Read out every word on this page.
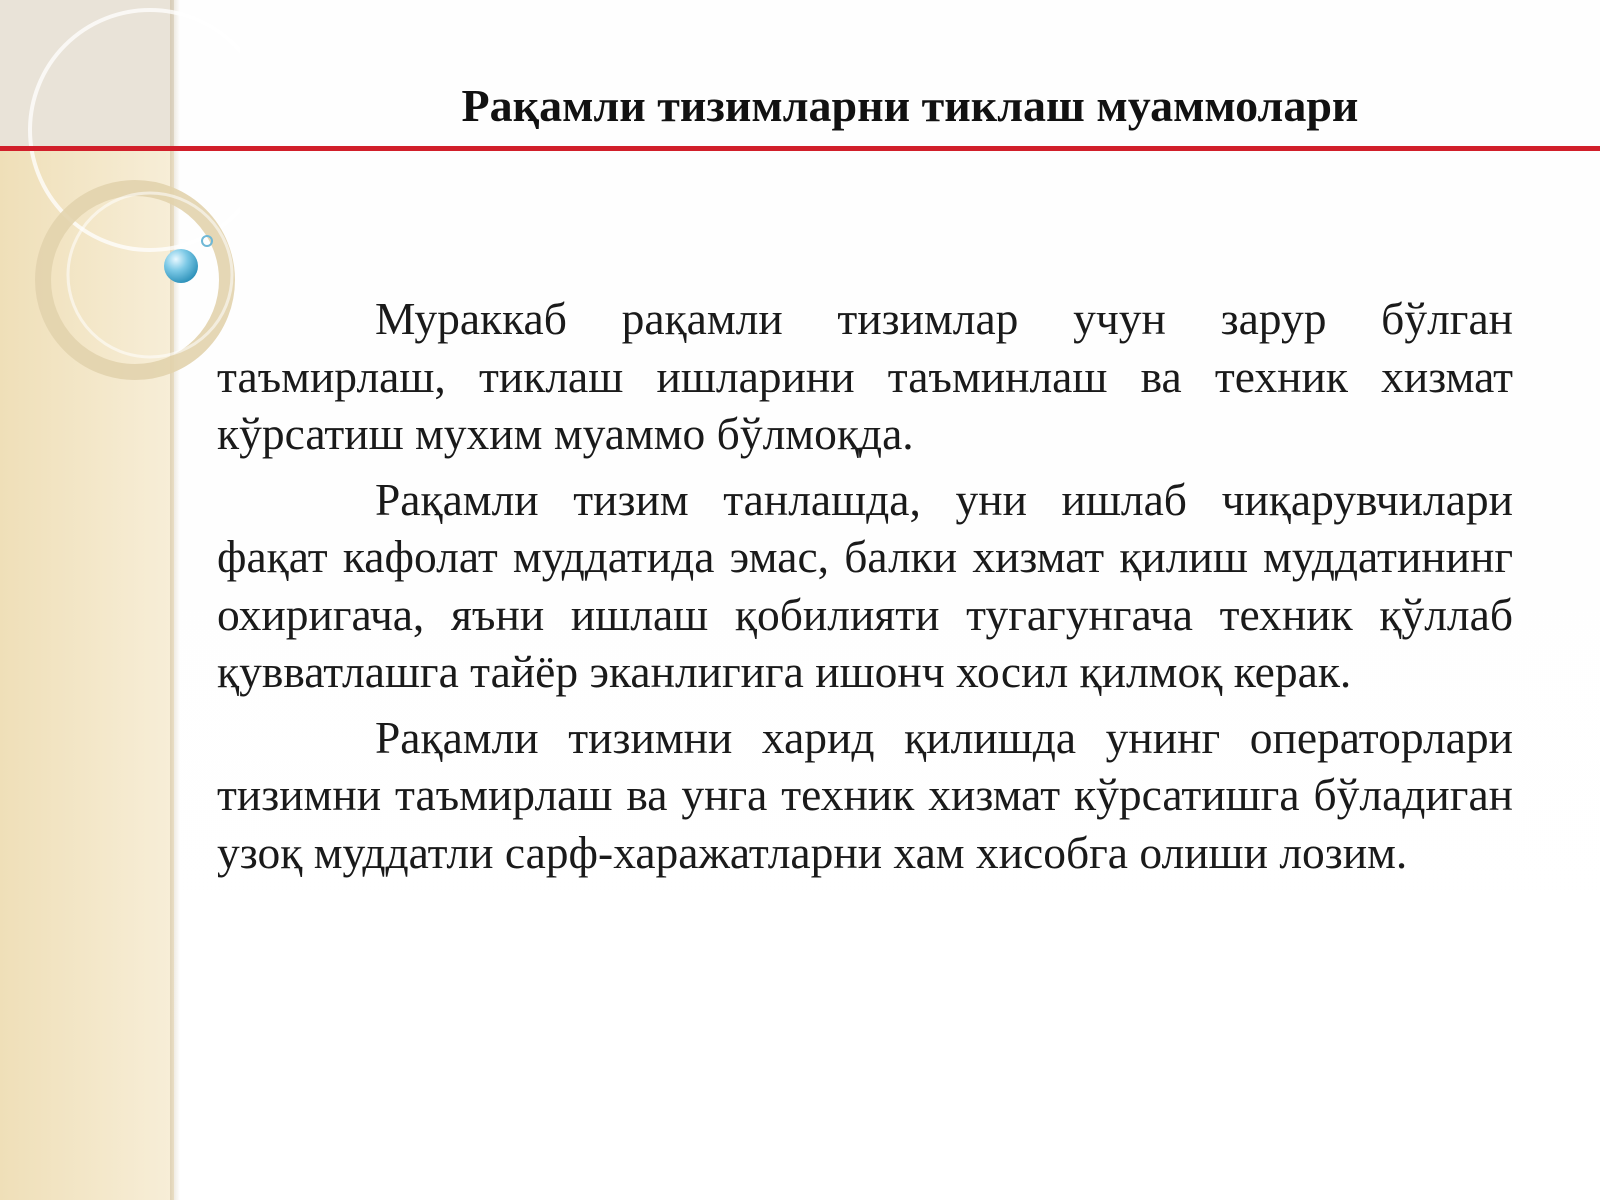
Рақамли тизимларни тиклаш муаммолари

Мураккаб рақамли тизимлар учун зарур бўлган таъмирлаш, тиклаш ишларини таъминлаш ва техник хизмат кўрсатиш мухим муаммо бўлмоқда.

Рақамли тизим танлашда, уни ишлаб чиқарувчилари фақат кафолат муддатида эмас, балки хизмат қилиш муддатининг охиригача, яъни ишлаш қобилияти тугагунгача техник қўллаб қувватлашга тайёр эканлигига ишонч хосил қилмоқ керак.

Рақамли тизимни харид қилишда унинг операторлари тизимни таъмирлаш ва унга техник хизмат кўрсатишга бўладиган узоқ муддатли сарф-харажатларни хам хисобга олиши лозим.
